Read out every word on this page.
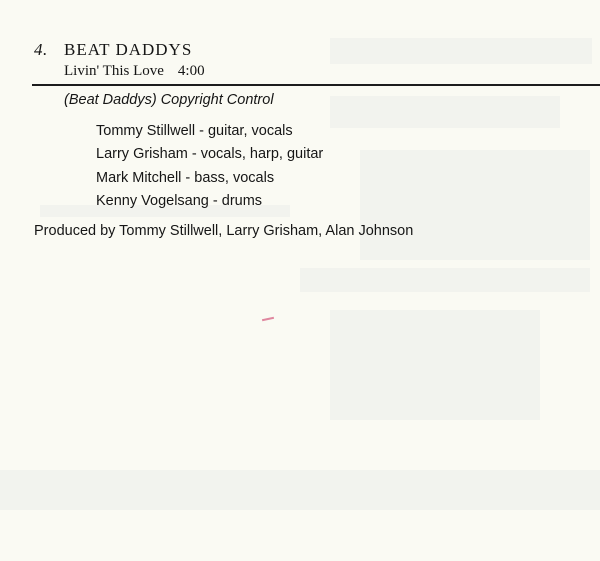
4. BEAT DADDYS
Livin' This Love 4:00
(Beat Daddys) Copyright Control
Tommy Stillwell - guitar, vocals
Larry Grisham - vocals, harp, guitar
Mark Mitchell - bass, vocals
Kenny Vogelsang - drums
Produced by Tommy Stillwell, Larry Grisham, Alan Johnson
